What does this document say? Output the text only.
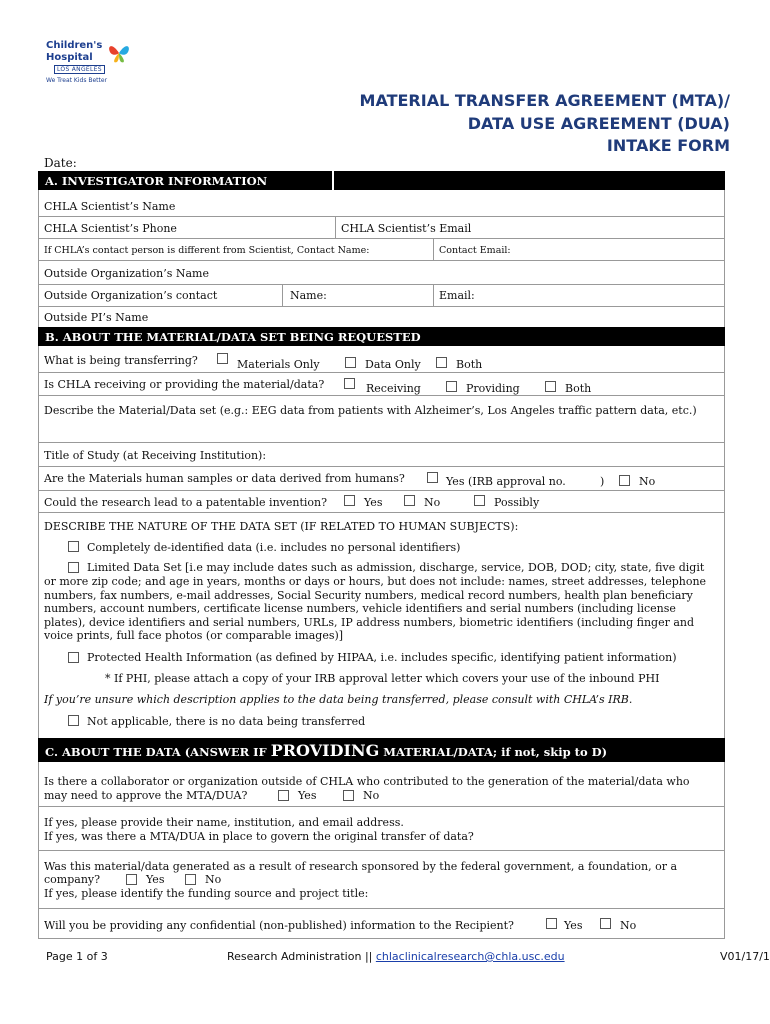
Children's
Hospital
LOS ANGELES
We Treat Kids Better
MATERIAL TRANSFER AGREEMENT (MTA)/
DATA USE AGREEMENT (DUA)
INTAKE FORM
Date:
A. INVESTIGATOR INFORMATION
CHLA Scientist’s Name
CHLA Scientist’s Phone	CHLA Scientist’s Email
If CHLA’s contact person is different from Scientist, Contact Name:	Contact Email:
Outside Organization’s Name
Outside Organization’s contact	Name:	Email:
Outside PI’s Name
B. ABOUT THE MATERIAL/DATA SET BEING REQUESTED
What is being transferring?	Materials Only	Data Only	Both
Is CHLA receiving or providing the material/data?	Receiving	Providing	Both
Describe the Material/Data set (e.g.: EEG data from patients with Alzheimer’s, Los Angeles traffic pattern data, etc.)
Title of Study (at Receiving Institution):
Are the Materials human samples or data derived from humans?	Yes (IRB approval no.	)	No
Could the research lead to a patentable invention?	Yes	No	Possibly
DESCRIBE THE NATURE OF THE DATA SET (IF RELATED TO HUMAN SUBJECTS):
Completely de-identified data (i.e. includes no personal identifiers)
Limited Data Set [i.e may include dates such as admission, discharge, service, DOB, DOD; city, state, five digit
or more zip code; and age in years, months or days or hours, but does not include: names, street addresses, telephone numbers, fax numbers, e-mail addresses, Social Security numbers, medical record numbers, health plan beneficiary numbers, account numbers, certificate license numbers, vehicle identifiers and serial numbers (including license plates), device identifiers and serial numbers, URLs, IP address numbers, biometric identifiers (including finger and voice prints, full face photos (or comparable images)]
Protected Health Information (as defined by HIPAA, i.e. includes specific, identifying patient information)
* If PHI, please attach a copy of your IRB approval letter which covers your use of the inbound PHI
If you’re unsure which description applies to the data being transferred, please consult with CHLA’s IRB.
Not applicable, there is no data being transferred
C. ABOUT THE DATA (ANSWER IF PROVIDING MATERIAL/DATA; if not, skip to D)
Is there a collaborator or organization outside of CHLA who contributed to the generation of the material/data who
may need to approve the MTA/DUA?	Yes	No
If yes, please provide their name, institution, and email address.
If yes, was there a MTA/DUA in place to govern the original transfer of data?
Was this material/data generated as a result of research sponsored by the federal government, a foundation, or a
company?	Yes	No
If yes, please identify the funding source and project title:
Will you be providing any confidential (non-published) information to the Recipient?	Yes	No
Page 1 of 3	Research Administration || chlaclinicalresearch@chla.usc.edu	V01/17/1
